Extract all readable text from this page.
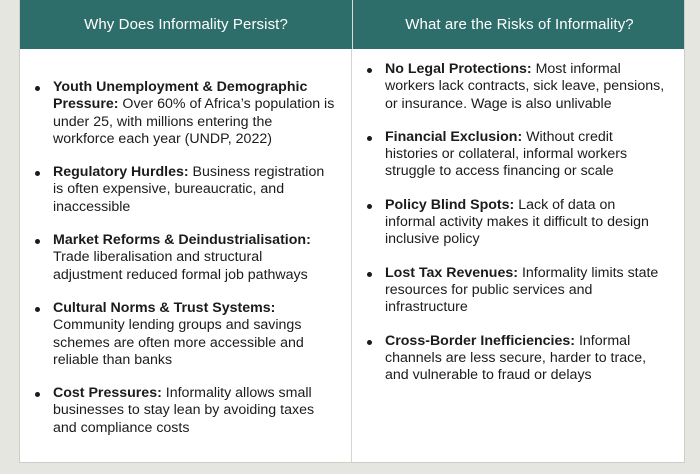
Why Does Informality Persist?	What are the Risks of Informality?
Youth Unemployment & Demographic Pressure: Over 60% of Africa’s population is under 25, with millions entering the workforce each year (UNDP, 2022)
Regulatory Hurdles: Business registration is often expensive, bureaucratic, and inaccessible
Market Reforms & Deindustrialisation: Trade liberalisation and structural adjustment reduced formal job pathways
Cultural Norms & Trust Systems: Community lending groups and savings schemes are often more accessible and reliable than banks
Cost Pressures: Informality allows small businesses to stay lean by avoiding taxes and compliance costs
No Legal Protections: Most informal workers lack contracts, sick leave, pensions, or insurance. Wage is also unlivable
Financial Exclusion: Without credit histories or collateral, informal workers struggle to access financing or scale
Policy Blind Spots: Lack of data on informal activity makes it difficult to design inclusive policy
Lost Tax Revenues: Informality limits state resources for public services and infrastructure
Cross-Border Inefficiencies: Informal channels are less secure, harder to trace, and vulnerable to fraud or delays
